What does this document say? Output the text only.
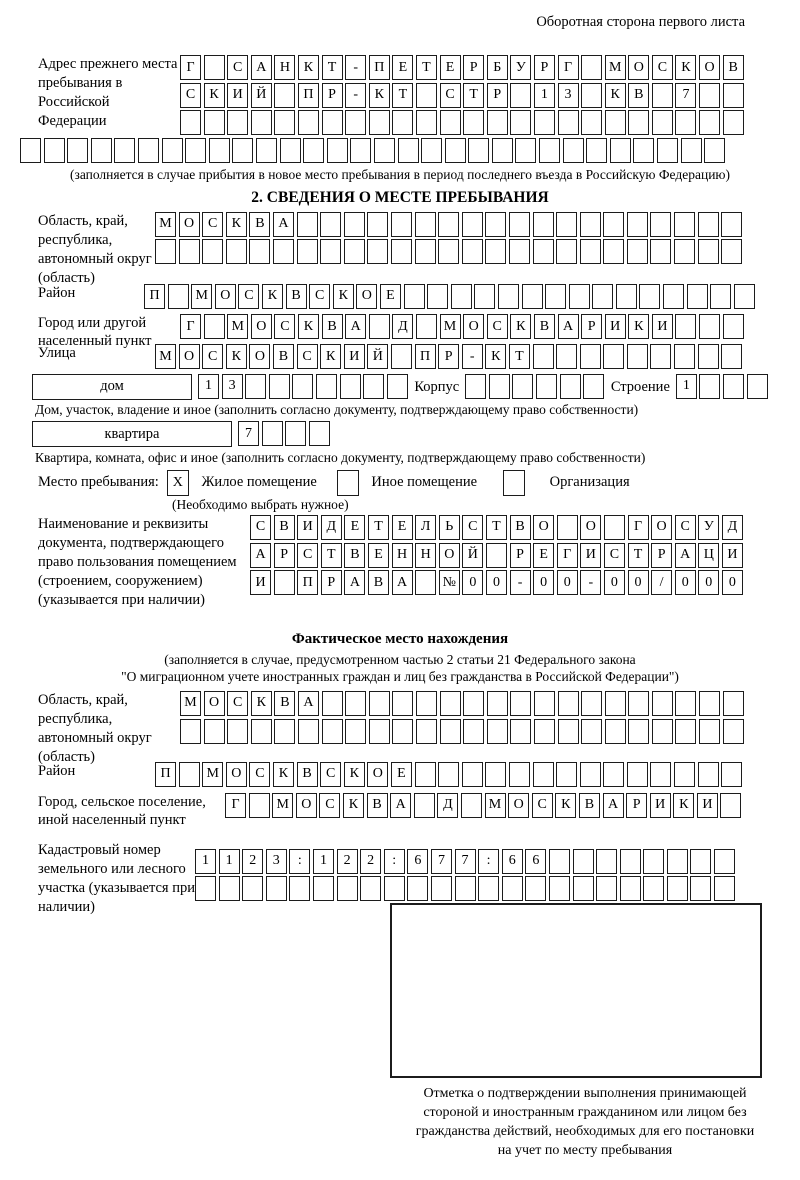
Оборотная сторона первого листа
Адрес прежнего места пребывания в Российской Федерации
Г	С А Н К	Т	-	П	Е	Т	Е	Р	Б	У	Р	Г	М О С	К О В
С	К И Й	П	Р	-	К	Т	С	Т	Р	1	3	К	В	7
(заполняется в случае прибытия в новое место пребывания в период последнего въезда в Российскую Федерацию)
2. СВЕДЕНИЯ О МЕСТЕ ПРЕБЫВАНИЯ
Область, край, республика, автономный округ (область)
М О С	К	В А
Район	П	М О С	К	В	С	К О	Е
Город или другой населенный пункт
Г	М О С	К	В А	Д	М О С	К	В А	Р	И К И
Улица	М О С	К О В	С	К И Й	П	Р	-	К	Т
дом	1	3	Корпус	Строение 1
Дом, участок, владение и иное (заполнить согласно документу, подтверждающему право собственности)
квартира	7
Квартира, комната, офис и иное (заполнить согласно документу, подтверждающему право собственности)
Место пребывания: X	Жилое помещение	Иное помещение	Организация
(Необходимо выбрать нужное)
Наименование и реквизиты документа, подтверждающего право пользования помещением (строением, сооружением) (указывается при наличии)
С	В И Д	Е	Т	Е	Л	Ь	С	Т	В О	О	Г	О С У Д
А	Р	С	Т	В	Е	Н Н О Й	Р	Е	Г	И С	Т	Р	А Ц И
И	П	Р	А В А	№ 0	0	-	0	0	-	0	0	/	0	0	0
Фактическое место нахождения
(заполняется в случае, предусмотренном частью 2 статьи 21 Федерального закона
"О миграционном учете иностранных граждан и лиц без гражданства в Российской Федерации")
Область, край, республика, автономный округ (область)
М О С	К	В А
Район	П	М О С	К	В	С	К О	Е
Город, сельское поселение, иной населенный пункт
Г	М О С	К	В А	Д	М О С	К	В А	Р	И К И
Кадастровый номер земельного или лесного участка (указывается при наличии)
1	1	2	3	:	1	2	2	:	6	7	7	:	6	6
Отметка о подтверждении выполнения принимающей
стороной и иностранным гражданином или лицом без
гражданства действий, необходимых для его постановки
на учет по месту пребывания
